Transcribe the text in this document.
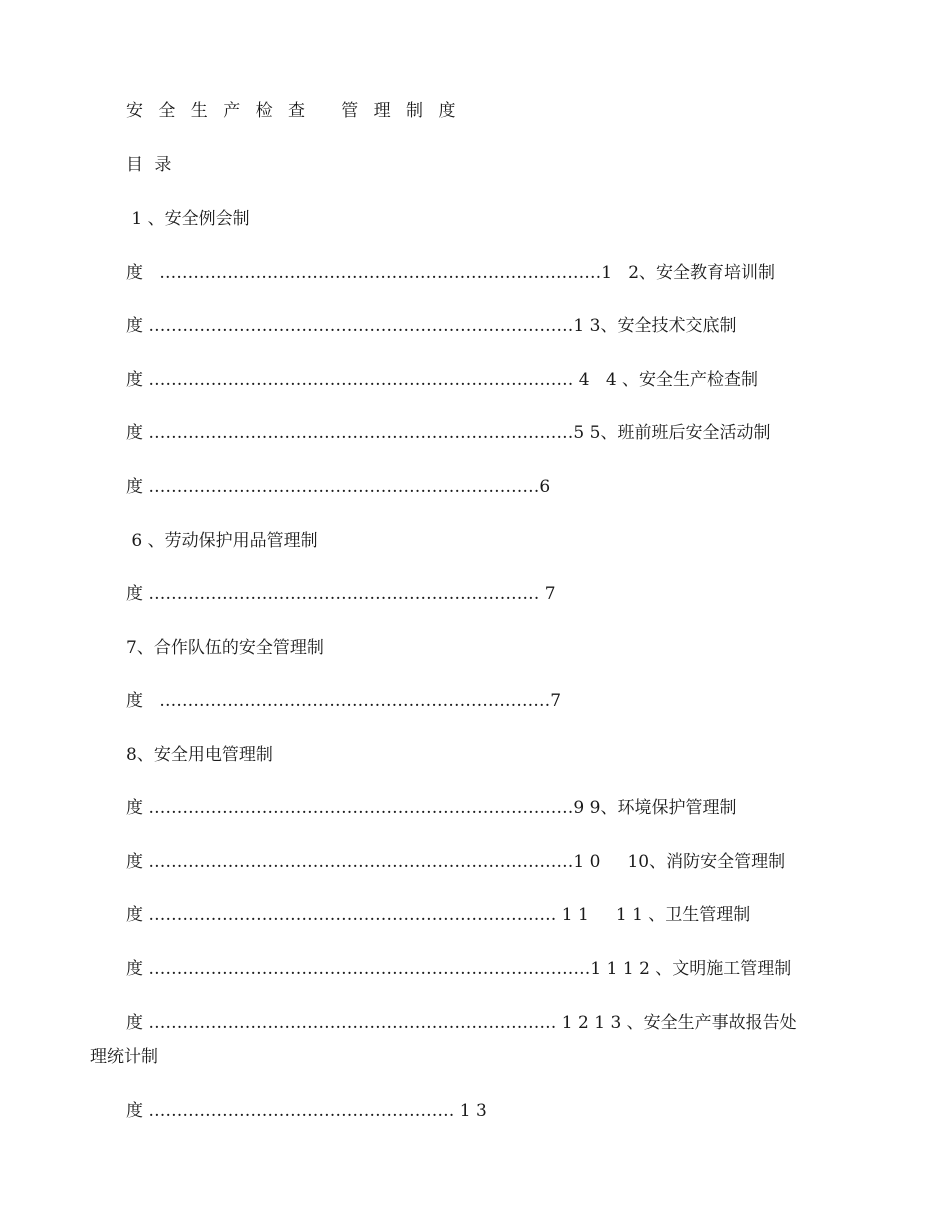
安 全 生 产 检 查   管 理 制 度
目 录
1 、安全例会制
度   ……………………………………………………………………1   2、安全教育培训制
度 …………………………………………………………………1 3、安全技术交底制
度 ………………………………………………………………… 4   4 、安全生产检查制
度 …………………………………………………………………5 5、班前班后安全活动制
度 ……………………………………………………………6
6 、劳动保护用品管理制
度 …………………………………………………………… 7
7、合作队伍的安全管理制
度   ……………………………………………………………7
8、安全用电管理制
度 …………………………………………………………………9 9、环境保护管理制
度 …………………………………………………………………1 0     10、消防安全管理制
度 ……………………………………………………………… 1 1     1 1 、卫生管理制
度 ……………………………………………………………………1 1 1 2 、文明施工管理制
度 ……………………………………………………………… 1 2 1 3 、安全生产事故报告处
理统计制
度 ……………………………………………… 1 3
